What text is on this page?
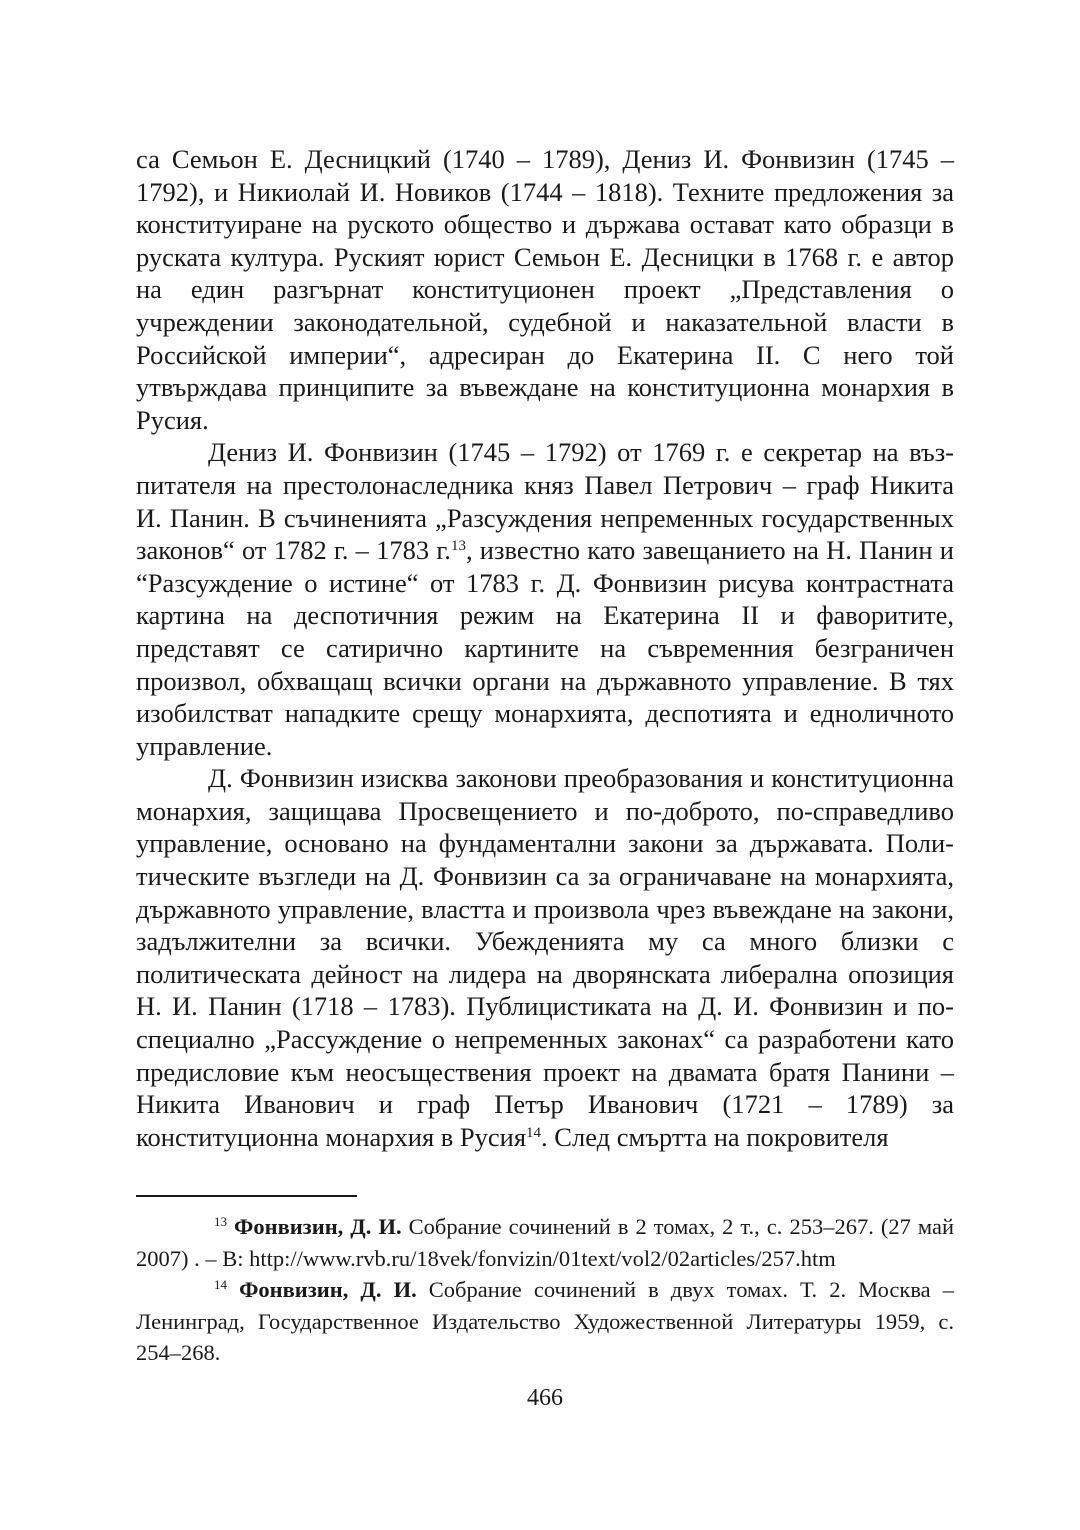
са Семьон Е. Десницкий (1740 – 1789), Дениз И. Фонвизин (1745 – 1792), и Никиолай И. Новиков (1744 – 1818). Техните предложения за конституиране на руското общество и държава остават като образци в руската култура. Руският юрист Семьон Е. Десницки в 1768 г. е автор на един разгърнат конституционен проект „Представления о учреждении законодательной, судебной и наказательной власти в Российской империи“, адресиран до Екатерина II. С него той утвърждава принципите за въвеждане на конституционна монархия в Русия.

Дениз И. Фонвизин (1745 – 1792) от 1769 г. е секретар на възпитателя на престолонаследника княз Павел Петрович – граф Никита И. Панин. В съчиненията „Разсуждения непременных государственных законов“ от 1782 г. – 1783 г.$^{13}$, известно като завещанието на Н. Панин и “Разсуждение о истине“ от 1783 г. Д. Фонвизин рисува контрастната картина на деспотичния режим на Екатерина II и фаворитите, представят се сатирично картините на съвременния безграничен произвол, обхващащ всички органи на държавното управление. В тях изобилстват нападките срещу монархията, деспотията и едноличното управление.

Д. Фонвизин изисква законови преобразования и конституционна монархия, защищава Просвещението и по-доброто, по-справедливо управление, основано на фундаментални закони за държавата. Политическите възгледи на Д. Фонвизин са за ограничаване на монархията, държавното управление, властта и произвола чрез въвеждане на закони, задължителни за всички. Убежденията му са много близки с политическата дейност на лидера на дворянската либерална опозиция Н. И. Панин (1718 – 1783). Публицистиката на Д. И. Фонвизин и поспециално „Рассуждение о непременных законах“ са разработени като предисловие към неосъществения проект на двамата братя Панини – Никита Иванович и граф Петър Иванович (1721 – 1789) за конституционна монархия в Русия$^{14}$. След смъртта на покровителя

$^{13}$ Фонвизин, Д. И. Собрание сочинений в 2 томах, 2 т., с. 253–267. (27 май 2007) . – В: http://www.rvb.ru/18vek/fonvizin/01text/vol2/02articles/257.htm

$^{14}$ Фонвизин, Д. И. Собрание сочинений в двух томах. Т. 2. Москва – Ленинград, Государственное Издательство Художественной Литературы 1959, с. 254–268.

466
